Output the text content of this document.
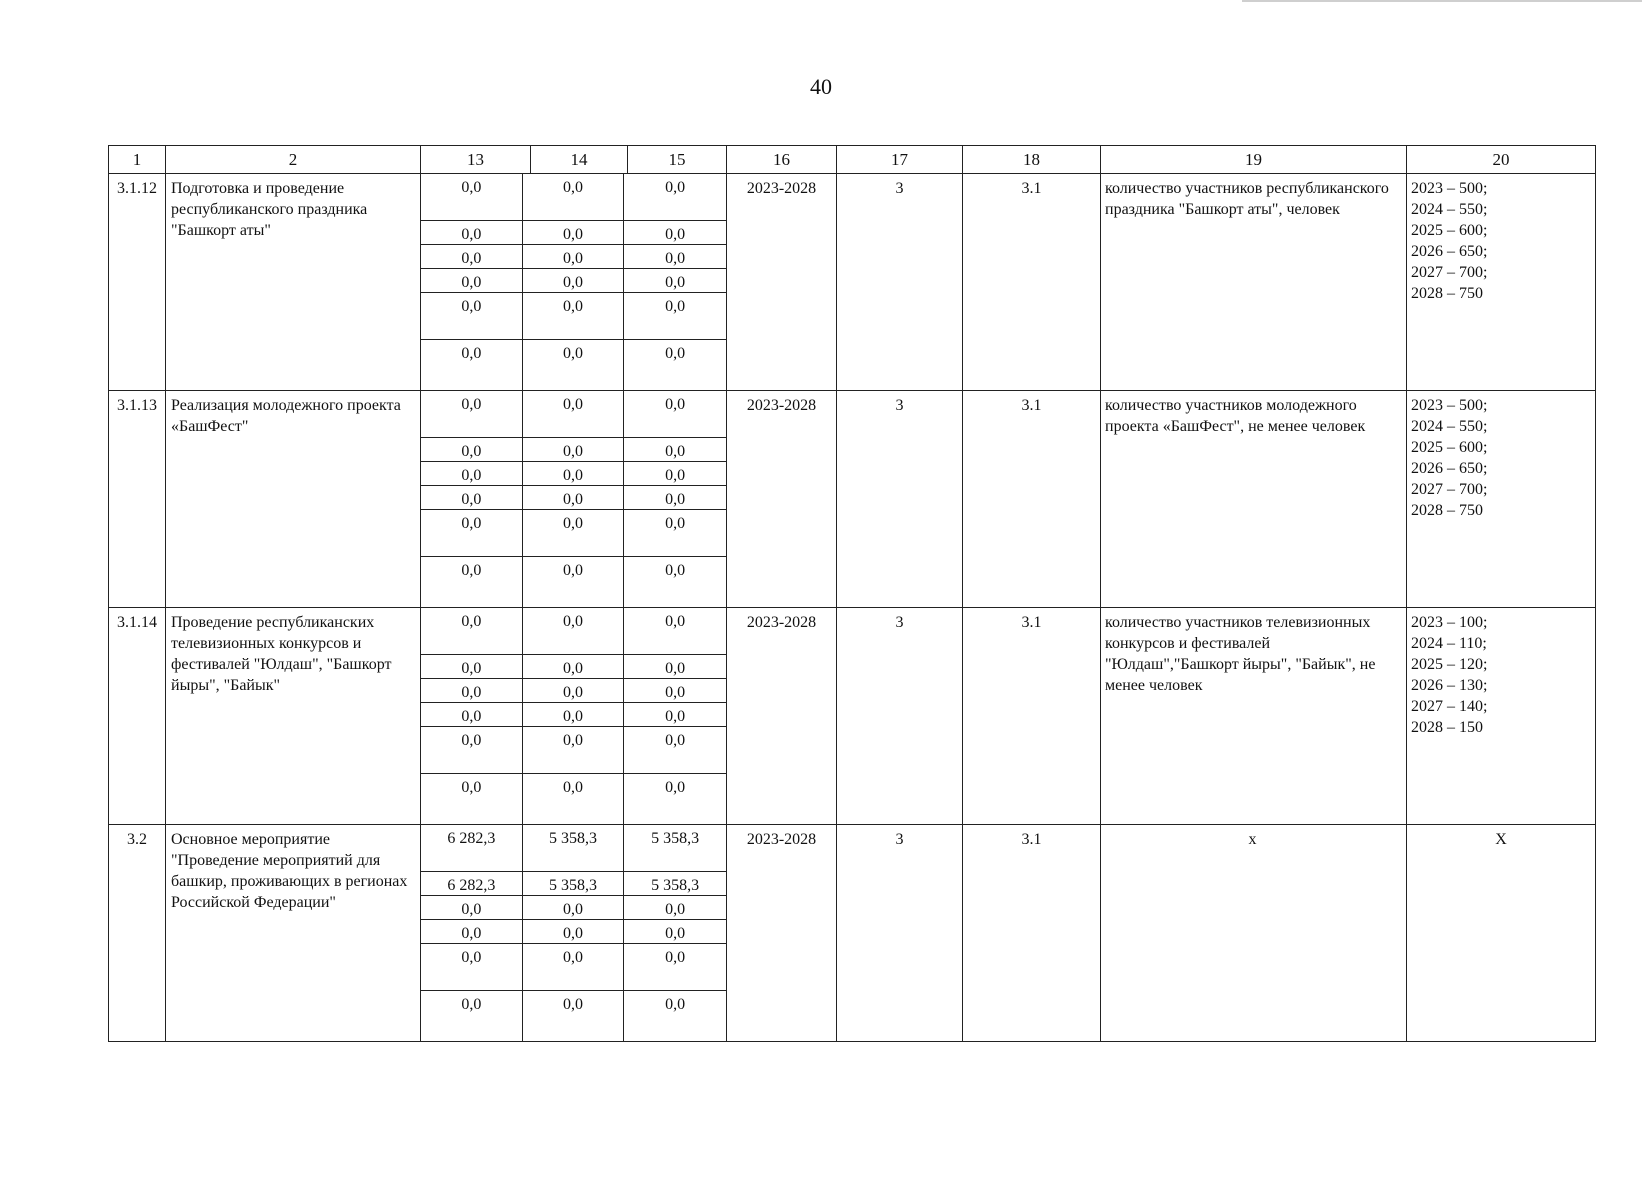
40
1	2	13	14	15	16	17	18	19	20
3.1.12 Подготовка и проведение республиканского праздника "Башкорт аты"
0,0	0,0	0,0
0,0	0,0	0,0
0,0	0,0	0,0
0,0	0,0	0,0
0,0	0,0	0,0
0,0	0,0	0,0
2023-2028	3	3.1	количество участников республиканского праздника "Башкорт аты", человек
2023 – 500;
2024 – 550;
2025 – 600;
2026 – 650;
2027 – 700;
2028 – 750
3.1.13 Реализация молодежного проекта «БашФест"
0,0	0,0	0,0
0,0	0,0	0,0
0,0	0,0	0,0
0,0	0,0	0,0
0,0	0,0	0,0
0,0	0,0	0,0
2023-2028	3	3.1	количество участников молодежного проекта «БашФест", не менее человек
2023 – 500;
2024 – 550;
2025 – 600;
2026 – 650;
2027 – 700;
2028 – 750
3.1.14 Проведение республиканских телевизионных конкурсов и фестивалей "Юлдаш", "Башкорт йыры", "Байык"
0,0	0,0	0,0
0,0	0,0	0,0
0,0	0,0	0,0
0,0	0,0	0,0
0,0	0,0	0,0
0,0	0,0	0,0
2023-2028	3	3.1	количество участников телевизионных конкурсов и фестивалей "Юлдаш","Башкорт йыры", "Байык", не менее человек
2023 – 100;
2024 – 110;
2025 – 120;
2026 – 130;
2027 – 140;
2028 – 150
3.2	Основное мероприятие "Проведение мероприятий для башкир, проживающих в регионах Российской Федерации"
6 282,3	5 358,3	5 358,3
6 282,3	5 358,3	5 358,3
0,0	0,0	0,0
0,0	0,0	0,0
0,0	0,0	0,0
0,0	0,0	0,0
2023-2028	3	3.1	х	Х
